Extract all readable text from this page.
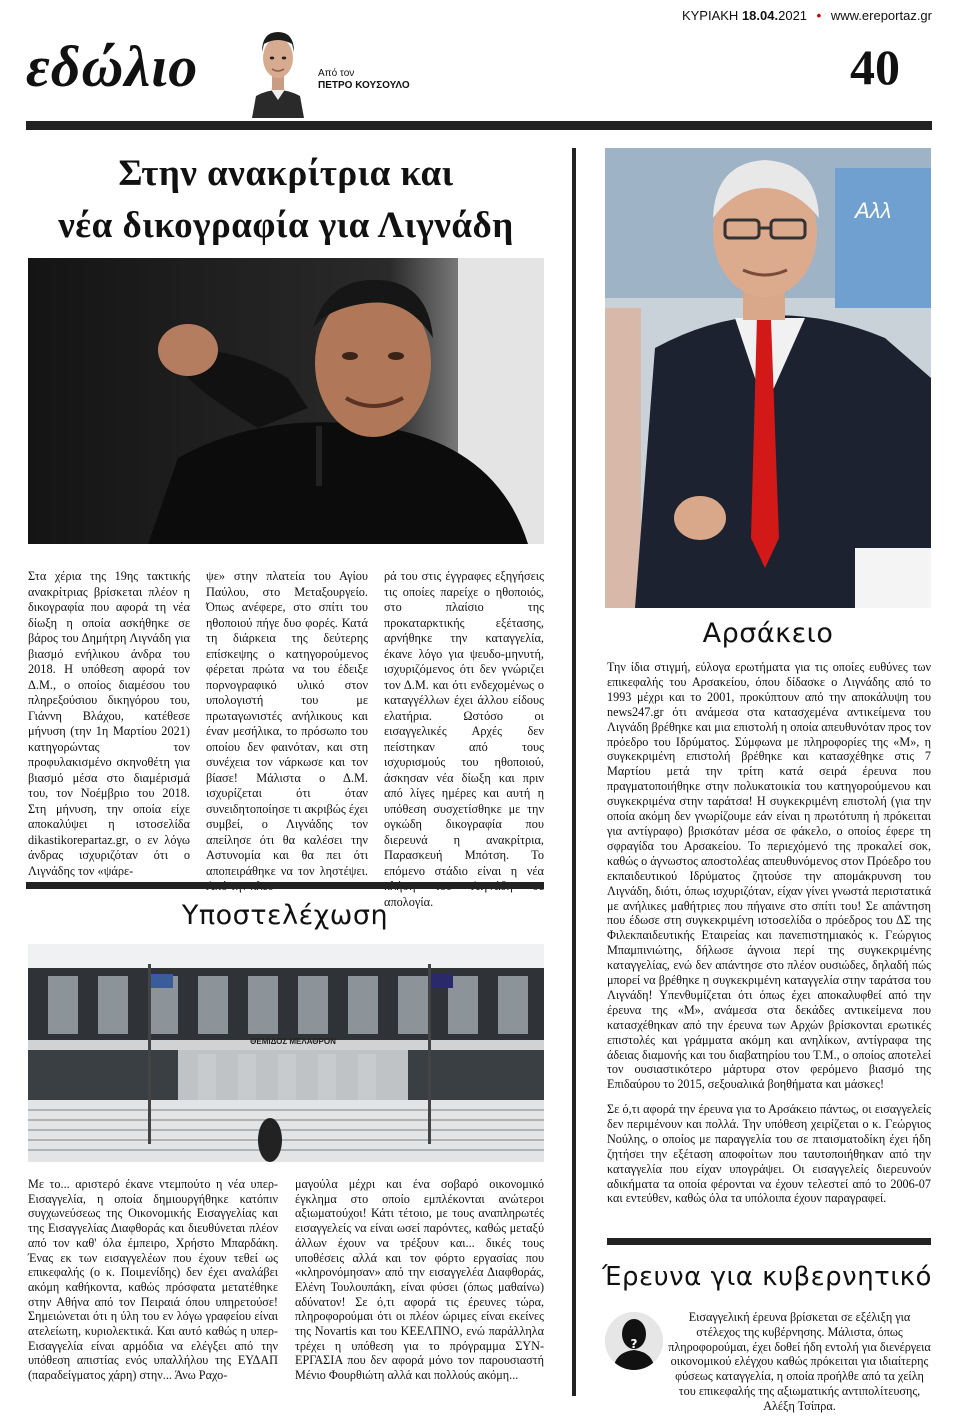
ΚΥΡΙΑΚΗ 18.04.2021 • www.ereportaz.gr
εδώλιο	Από τον
ΠΕΤΡΟ ΚΟΥΣΟΥΛΟ	40
Στην ανακρίτρια και
νέα δικογραφία για Λιγνάδη
Στα χέρια της 19ης τακτικής ανακρίτριας βρίσκεται πλέον η δικογραφία που αφορά τη νέα δίωξη η οποία ασκήθηκε σε βάρος του Δημήτρη Λιγνάδη για βιασμό ενήλικου άνδρα του 2018. Η υπόθεση αφορά τον Δ.Μ., ο οποίος διαμέσου του πληρεξούσιου δικηγόρου του, Γιάννη Βλάχου, κατέθεσε μήνυση (την 1η Μαρτίου 2021) κατηγορώντας τον προφυλακισμένο σκηνοθέτη για βιασμό μέσα στο διαμέρισμά του, τον Νοέμβριο του 2018. Στη μήνυση, την οποία είχε αποκαλύψει η ιστοσελίδα dikastikorepartaz.gr, ο εν λόγω άνδρας ισχυριζόταν ότι ο Λιγνάδης τον «ψάρε-
ψε» στην πλατεία του Αγίου Παύλου, στο Μεταξουργείο. Όπως ανέφερε, στο σπίτι του ηθοποιού πήγε δυο φορές. Κατά τη διάρκεια της δεύτερης επίσκεψης ο κατηγορούμενος φέρεται πρώτα να του έδειξε πορνογραφικό υλικό στον υπολογιστή του με πρωταγωνιστές ανήλικους και έναν μεσήλικα, το πρόσωπο του οποίου δεν φαινόταν, και στη συνέχεια τον νάρκωσε και τον βίασε! Μάλιστα ο Δ.Μ. ισχυρίζεται ότι όταν συνειδητοποίησε τι ακριβώς έχει συμβεί, ο Λιγνάδης τον απείλησε ότι θα καλέσει την Αστυνομία και θα πει ότι αποπειράθηκε να τον ληστέψει.
ρά του στις έγγραφες εξηγήσεις τις οποίες παρείχε ο ηθοποιός, στο πλαίσιο της προκαταρκτικής εξέτασης, αρνήθηκε την καταγγελία, έκανε λόγο για ψευδο-μηνυτή, ισχυριζόμενος ότι δεν γνώριζει τον Δ.Μ. και ότι ενδεχομένως ο καταγγέλλων έχει άλλου είδους ελατήρια. Ωστόσο οι εισαγγελικές Αρχές δεν πείστηκαν από τους ισχυρισμούς του ηθοποιού, άσκησαν νέα δίωξη και πριν από λίγες ημέρες και αυτή η υπόθεση συσχετίσθηκε με την ογκώδη δικογραφία που διερευνά η ανακρίτρια, Παρασκευή Μπότση. Το επόμενο στάδιο είναι η νέα απολογία.
Αλλ
Αρσάκειο
Την ίδια στιγμή, εύλογα ερωτήματα για τις οποίες ευθύνες των επικεφαλής του Αρσακείου, όπου δίδασκε ο Λιγνάδης από το 1993 μέχρι και το 2001, προκύπτουν από την αποκάλυψη του news247.gr ότι ανάμεσα στα κατασχεμένα αντικείμενα του Λιγνάδη βρέθηκε και μια επιστολή η οποία απευθυνόταν προς τον πρόεδρο του Ιδρύματος. Σύμφωνα με πληροφορίες της «Μ», η συγκεκριμένη επιστολή βρέθηκε και κατασχέθηκε στις 7 Μαρτίου μετά την τρίτη κατά σειρά έρευνα που πραγματοποιήθηκε στην πολυκατοικία του κατηγορούμενου και συγκεκριμένα στην ταράτσα! Η συγκεκριμένη επιστολή (για την οποία ακόμη δεν γνωρίζουμε εάν είναι η πρωτότυπη ή πρόκειται για αντίγραφο) βρισκόταν μέσα σε φάκελο, ο οποίος έφερε τη σφραγίδα του Αρσακείου. Το περιεχόμενό της προκαλεί σοκ, καθώς ο άγνωστος αποστολέας απευθυνόμενος στον Πρόεδρο του εκπαιδευτικού Ιδρύματος ζητούσε την απομάκρυνση του Λιγνάδη, διότι, όπως ισχυριζόταν, είχαν γίνει γνωστά περιστατικά με ανήλικες μαθήτριες που πήγαινε στο σπίτι του! Σε απάντηση που έδωσε στη συγκεκριμένη ιστοσελίδα ο πρόεδρος του ΔΣ της Φιλεκπαιδευτικής Εταιρείας και πανεπιστημιακός κ. Γεώργιος Μπαμπινιώτης, δήλωσε άγνοια περί της συγκεκριμένης καταγγελίας, ενώ δεν απάντησε στο πλέον ουσιώδες, δηλαδή πώς μπορεί να βρέθηκε η συγκεκριμένη καταγγελία στην ταράτσα του Λιγνάδη! Υπενθυμίζεται ότι όπως έχει αποκαλυφθεί από την έρευνα της «Μ», ανάμεσα στα δεκάδες αντικείμενα που κατασχέθηκαν από την έρευνα των Αρχών βρίσκονται ερωτικές επιστολές και γράμματα ακόμη και ανηλίκων, αντίγραφα της άδειας διαμονής και του διαβατηρίου του Τ.Μ., ο οποίος αποτελεί τον ουσιαστικότερο μάρτυρα στον φερόμενο βιασμό της Επιδαύρου το 2015, σεξουαλικά βοηθήματα και μάσκες!
Σε ό,τι αφορά την έρευνα για το Αρσάκειο πάντως, οι εισαγγελείς δεν περιμένουν και πολλά. Την υπόθεση χειρίζεται ο κ. Γεώργιος Νούλης, ο οποίος με παραγγελία του σε πταισματοδίκη έχει ήδη ζητήσει την εξέταση αποφοίτων που ταυτοποιήθηκαν από την καταγγελία που είχαν υπογράψει. Οι εισαγγελείς διερευνούν αδικήματα τα οποία φέρονται να έχουν τελεστεί από το 2006-07 και εντεύθεν, καθώς όλα τα υπόλοιπα έχουν παραγραφεί.
Έρευνα για κυβερνητικό
?
Εισαγγελική έρευνα βρίσκεται σε εξέλιξη για στέλεχος της κυβέρνησης. Μάλιστα, όπως πληροφορούμαι, έχει δοθεί ήδη εντολή για διενέργεια οικονομικού ελέγχου καθώς πρόκειται για ιδιαίτερης φύσεως καταγγελία, η οποία προήλθε από τα χείλη του επικεφαλής της αξιωματικής αντιπολίτευσης, Αλέξη Τσίπρα.
Υποστελέχωση
ΘΕΜΙΔΟΣ ΜΕΛΑΘΡΟΝ
Με το... αριστερό έκανε ντεμπούτο η νέα υπερ-Εισαγγελία, η οποία δημιουργήθηκε κατόπιν συγχωνεύσεως της Οικονομικής Εισαγγελίας και της Εισαγγελίας Διαφθοράς και διευθύνεται πλέον από τον καθ' όλα έμπειρο, Χρήστο Μπαρδάκη. Ένας εκ των εισαγγελέων που έχουν τεθεί ως επικεφαλής (ο κ. Ποιμενίδης) δεν έχει αναλάβει ακόμη καθήκοντα, καθώς πρόσφατα μετατέθηκε στην Αθήνα από τον Πειραιά όπου υπηρετούσε! Σημειώνεται ότι η ύλη του εν λόγω γραφείου είναι ατελείωτη, κυριολεκτικά. Και αυτό καθώς η υπερ-Εισαγγελία είναι αρμόδια να ελέγξει από την υπόθεση απιστίας ενός υπαλλήλου της ΕΥΔΑΠ (παραδείγματος χάρη) στην... Άνω Ραχο-
μαγούλα μέχρι και ένα σοβαρό οικονομικό έγκλημα στο οποίο εμπλέκονται ανώτεροι αξιωματούχοι! Κάτι τέτοιο, με τους αναπληρωτές εισαγγελείς να είναι ωσεί παρόντες, καθώς μεταξύ άλλων έχουν να τρέξουν και... δικές τους υποθέσεις αλλά και τον φόρτο εργασίας που «κληρονόμησαν» από την εισαγγελέα Διαφθοράς, Ελένη Τουλουπάκη, είναι φύσει (όπως μαθαίνω) αδύνατον! Σε ό,τι αφορά τις έρευνες τώρα, πληροφορούμαι ότι οι πλέον ώριμες είναι εκείνες της Novartis και του ΚΕΕΛΠΝΟ, ενώ παράλληλα τρέχει η υπόθεση για το πρόγραμμα ΣΥΝ-ΕΡΓΑΣΙΑ που δεν αφορά μόνο τον παρουσιαστή Μένιο Φουρθιώτη αλλά και πολλούς ακόμη...
